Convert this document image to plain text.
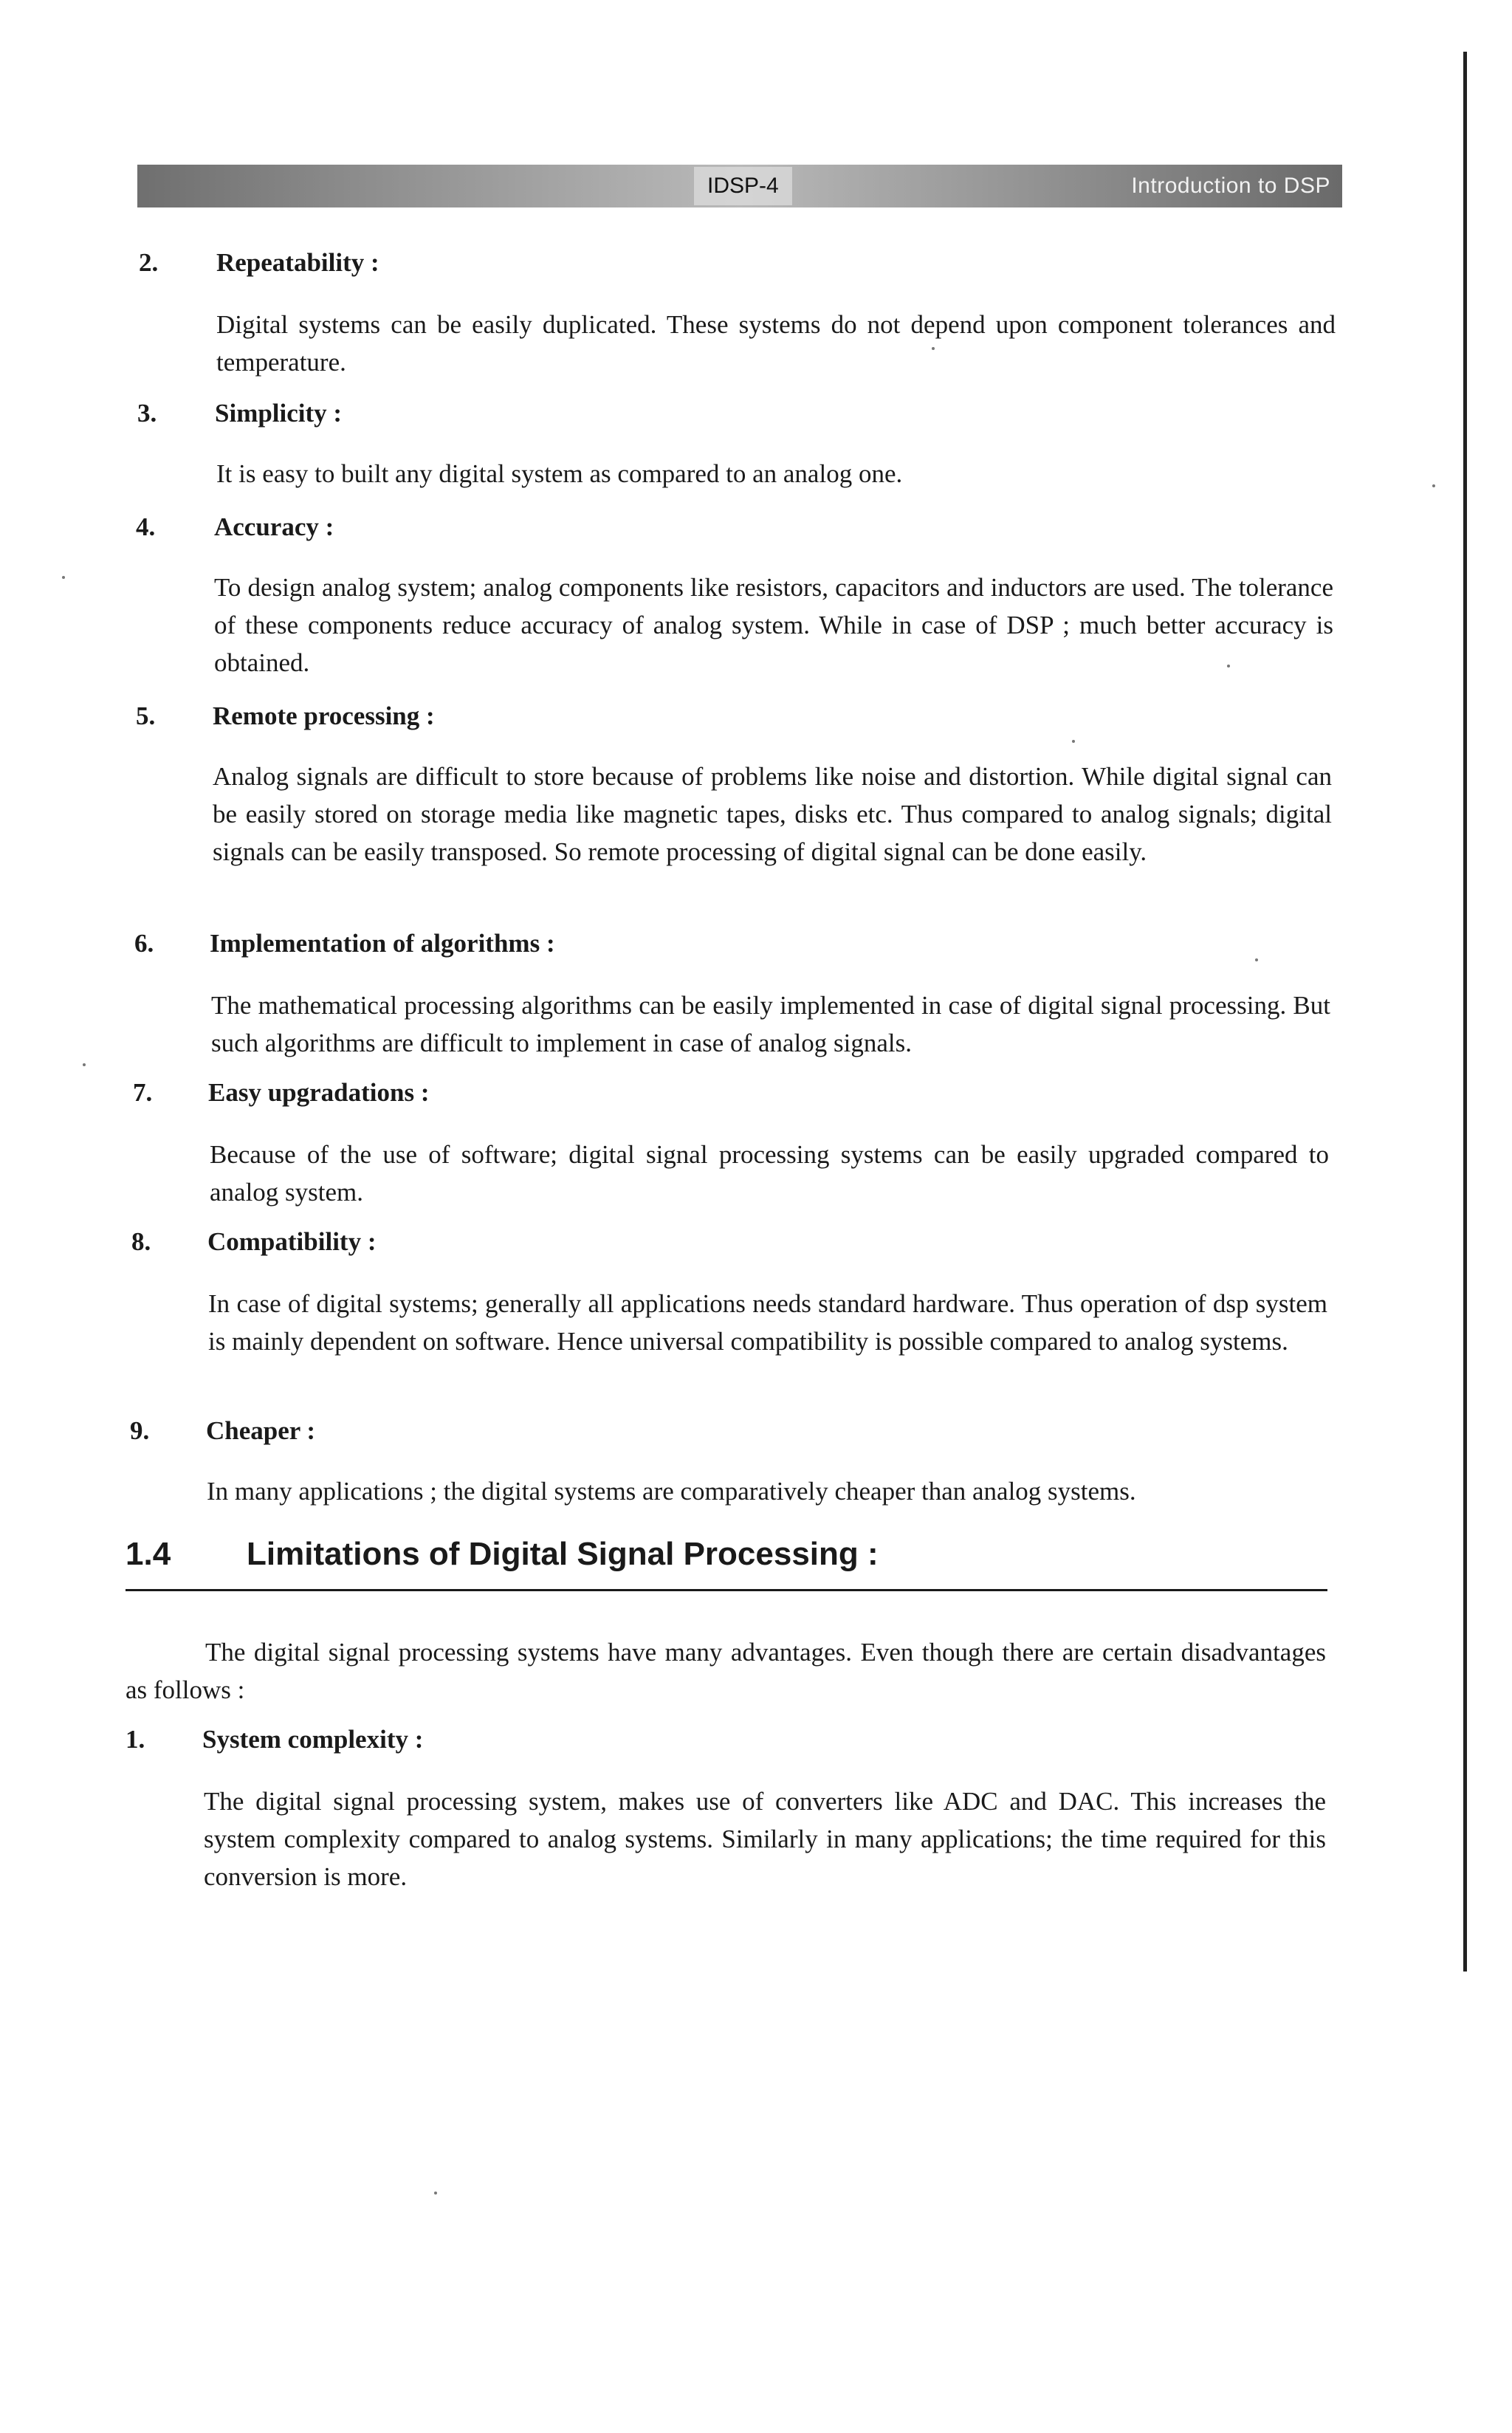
IDSP-4	Introduction to DSP
2. Repeatability :
Digital systems can be easily duplicated. These systems do not depend upon component tolerances and temperature.
3. Simplicity :
It is easy to built any digital system as compared to an analog one.
4. Accuracy :
To design analog system; analog components like resistors, capacitors and inductors are used. The tolerance of these components reduce accuracy of analog system. While in case of DSP ; much better accuracy is obtained.
5. Remote processing :
Analog signals are difficult to store because of problems like noise and distortion. While digital signal can be easily stored on storage media like magnetic tapes, disks etc. Thus compared to analog signals; digital signals can be easily transposed. So remote processing of digital signal can be done easily.
6. Implementation of algorithms :
The mathematical processing algorithms can be easily implemented in case of digital signal processing. But such algorithms are difficult to implement in case of analog signals.
7. Easy upgradations :
Because of the use of software; digital signal processing systems can be easily upgraded compared to analog system.
8. Compatibility :
In case of digital systems; generally all applications needs standard hardware. Thus operation of dsp system is mainly dependent on software. Hence universal compatibility is possible compared to analog systems.
9. Cheaper :
In many applications ; the digital systems are comparatively cheaper than analog systems.
1.4 Limitations of Digital Signal Processing :
The digital signal processing systems have many advantages. Even though there are certain disadvantages as follows :
1. System complexity :
The digital signal processing system, makes use of converters like ADC and DAC. This increases the system complexity compared to analog systems. Similarly in many applications; the time required for this conversion is more.
